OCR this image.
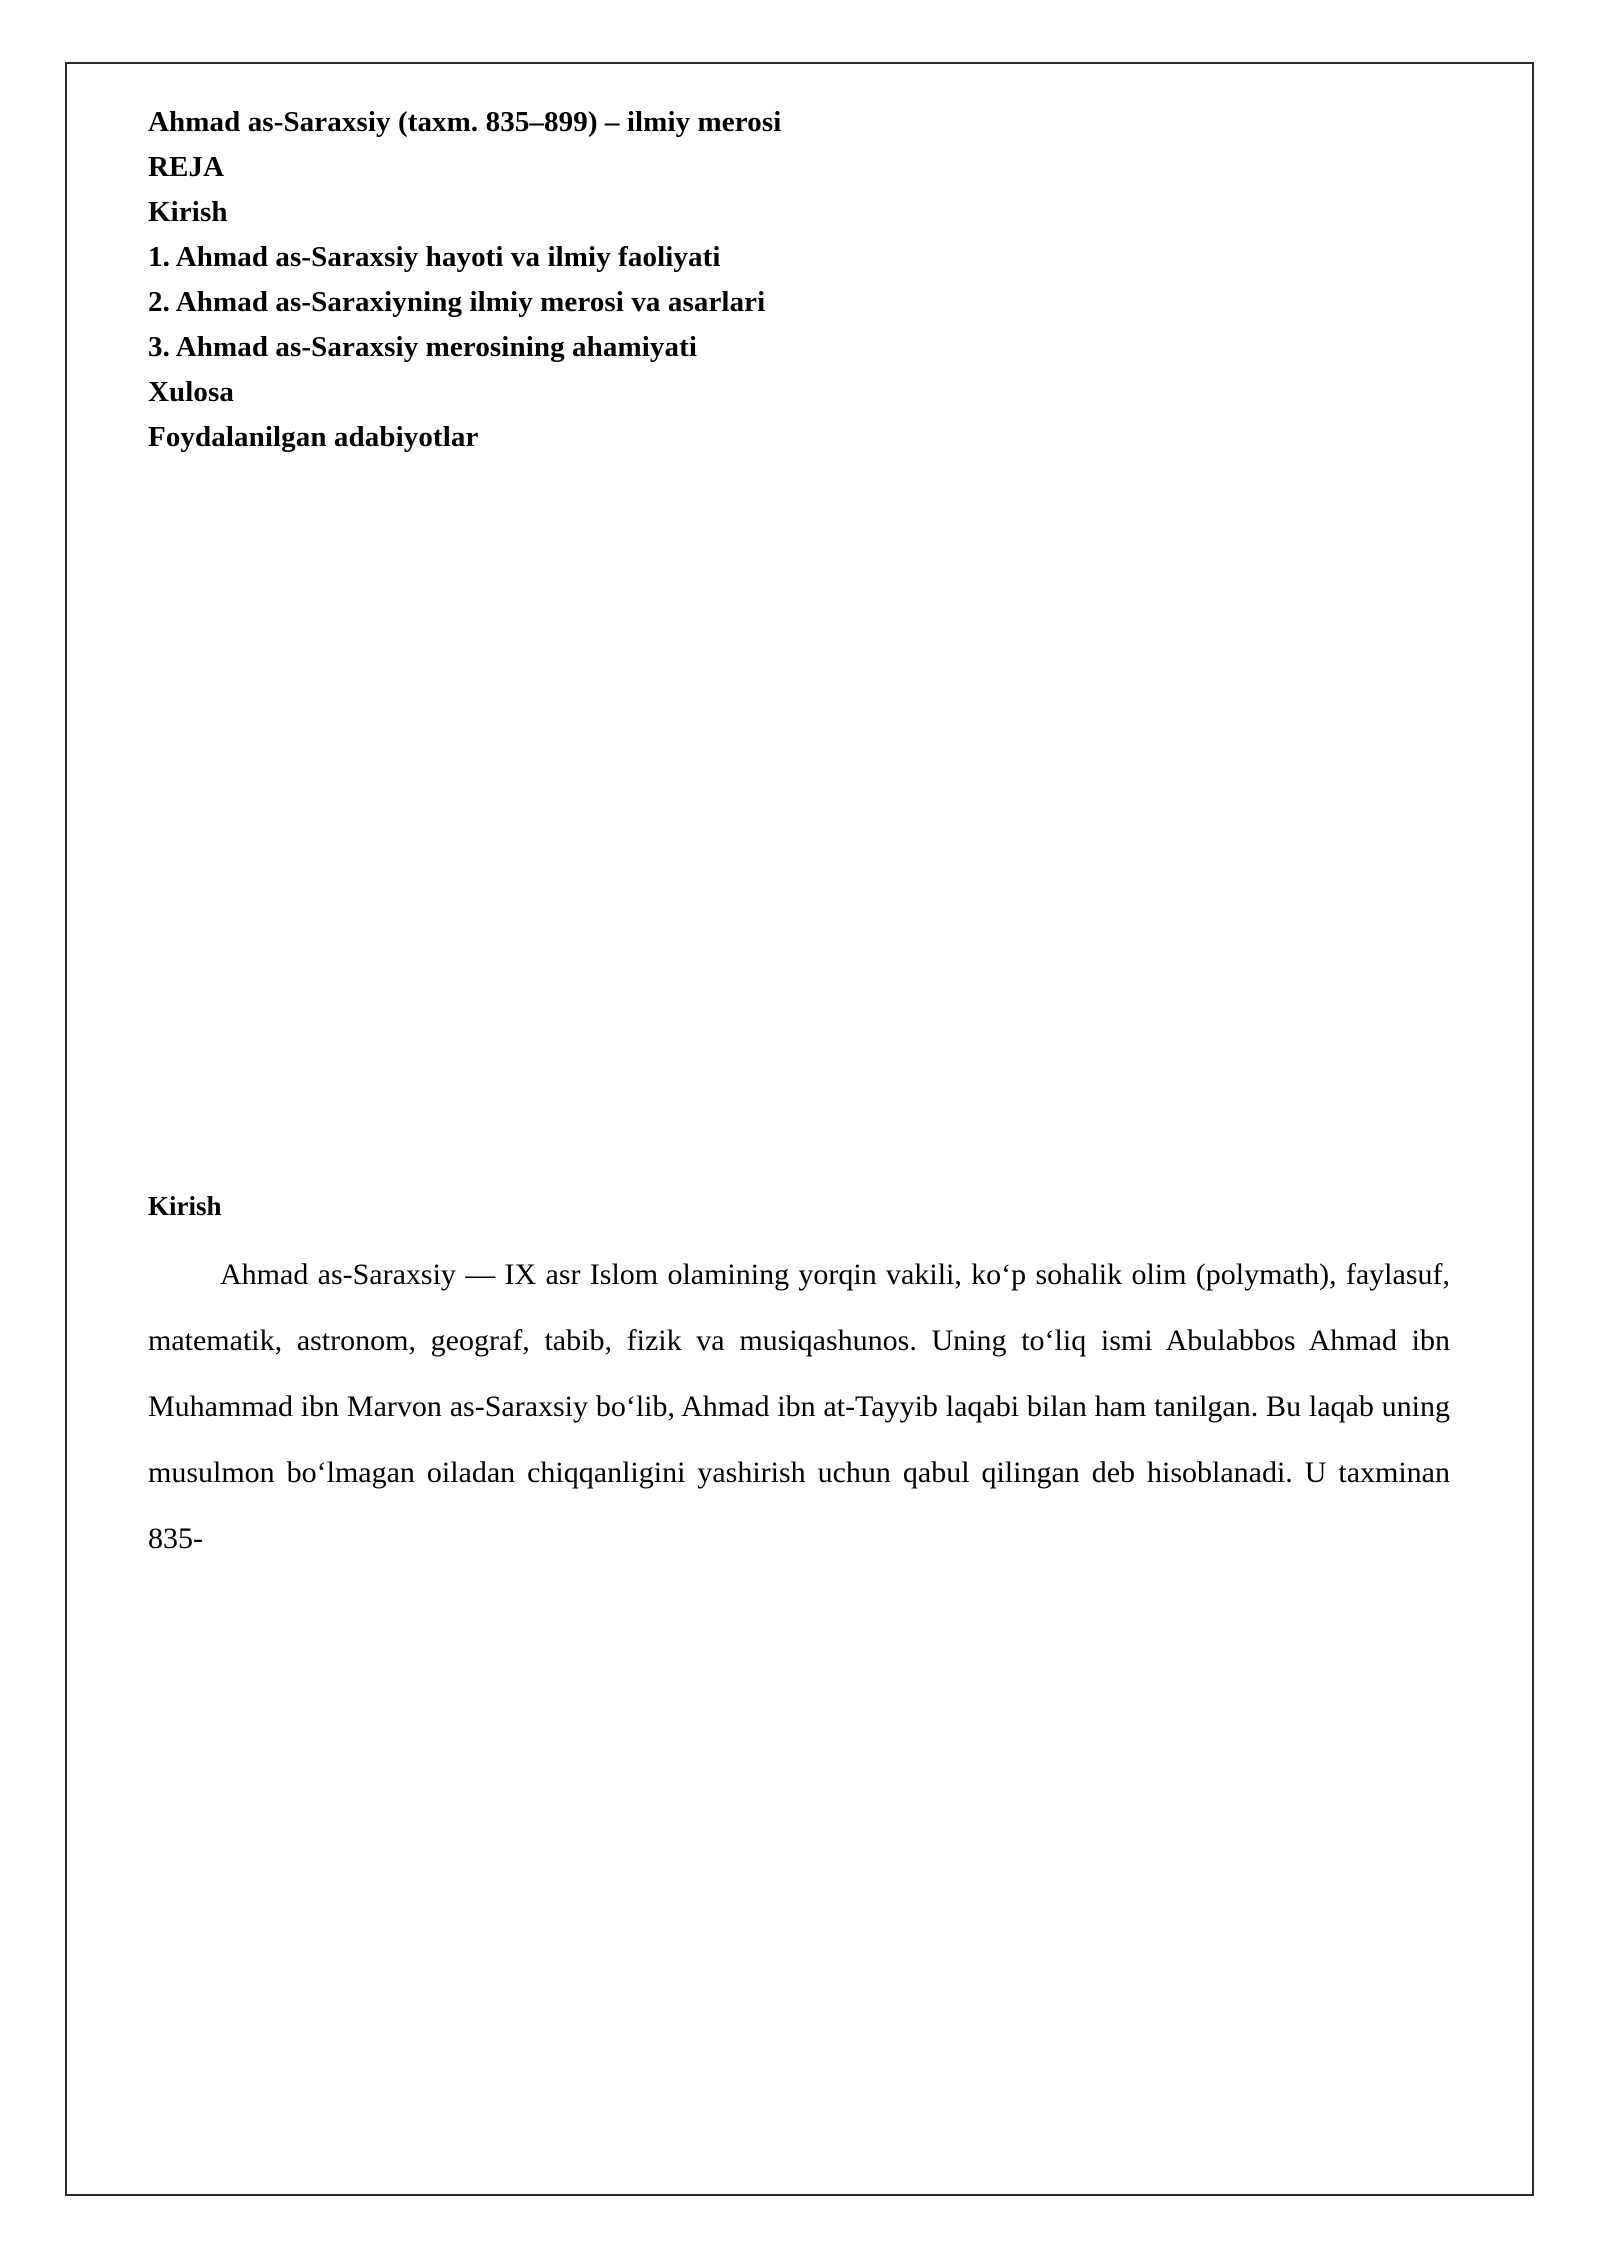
Ahmad as-Saraxsiy (taxm. 835–899) – ilmiy merosi
REJA
Kirish
1. Ahmad as-Saraxsiy hayoti va ilmiy faoliyati
2. Ahmad as-Saraxiyning ilmiy merosi va asarlari
3. Ahmad as-Saraxsiy merosining ahamiyati
Xulosa
Foydalanilgan adabiyotlar
Kirish

Ahmad as-Saraxsiy — IX asr Islom olamining yorqin vakili, ko‘p sohalik olim (polymath), faylasuf, matematik, astronom, geograf, tabib, fizik va musiqashunos. Uning to‘liq ismi Abulabbos Ahmad ibn Muhammad ibn Marvon as-Saraxsiy bo‘lib, Ahmad ibn at-Tayyib laqabi bilan ham tanilgan. Bu laqab uning musulmon bo‘lmagan oiladan chiqqanligini yashirish uchun qabul qilingan deb hisoblanadi. U taxminan 835-
